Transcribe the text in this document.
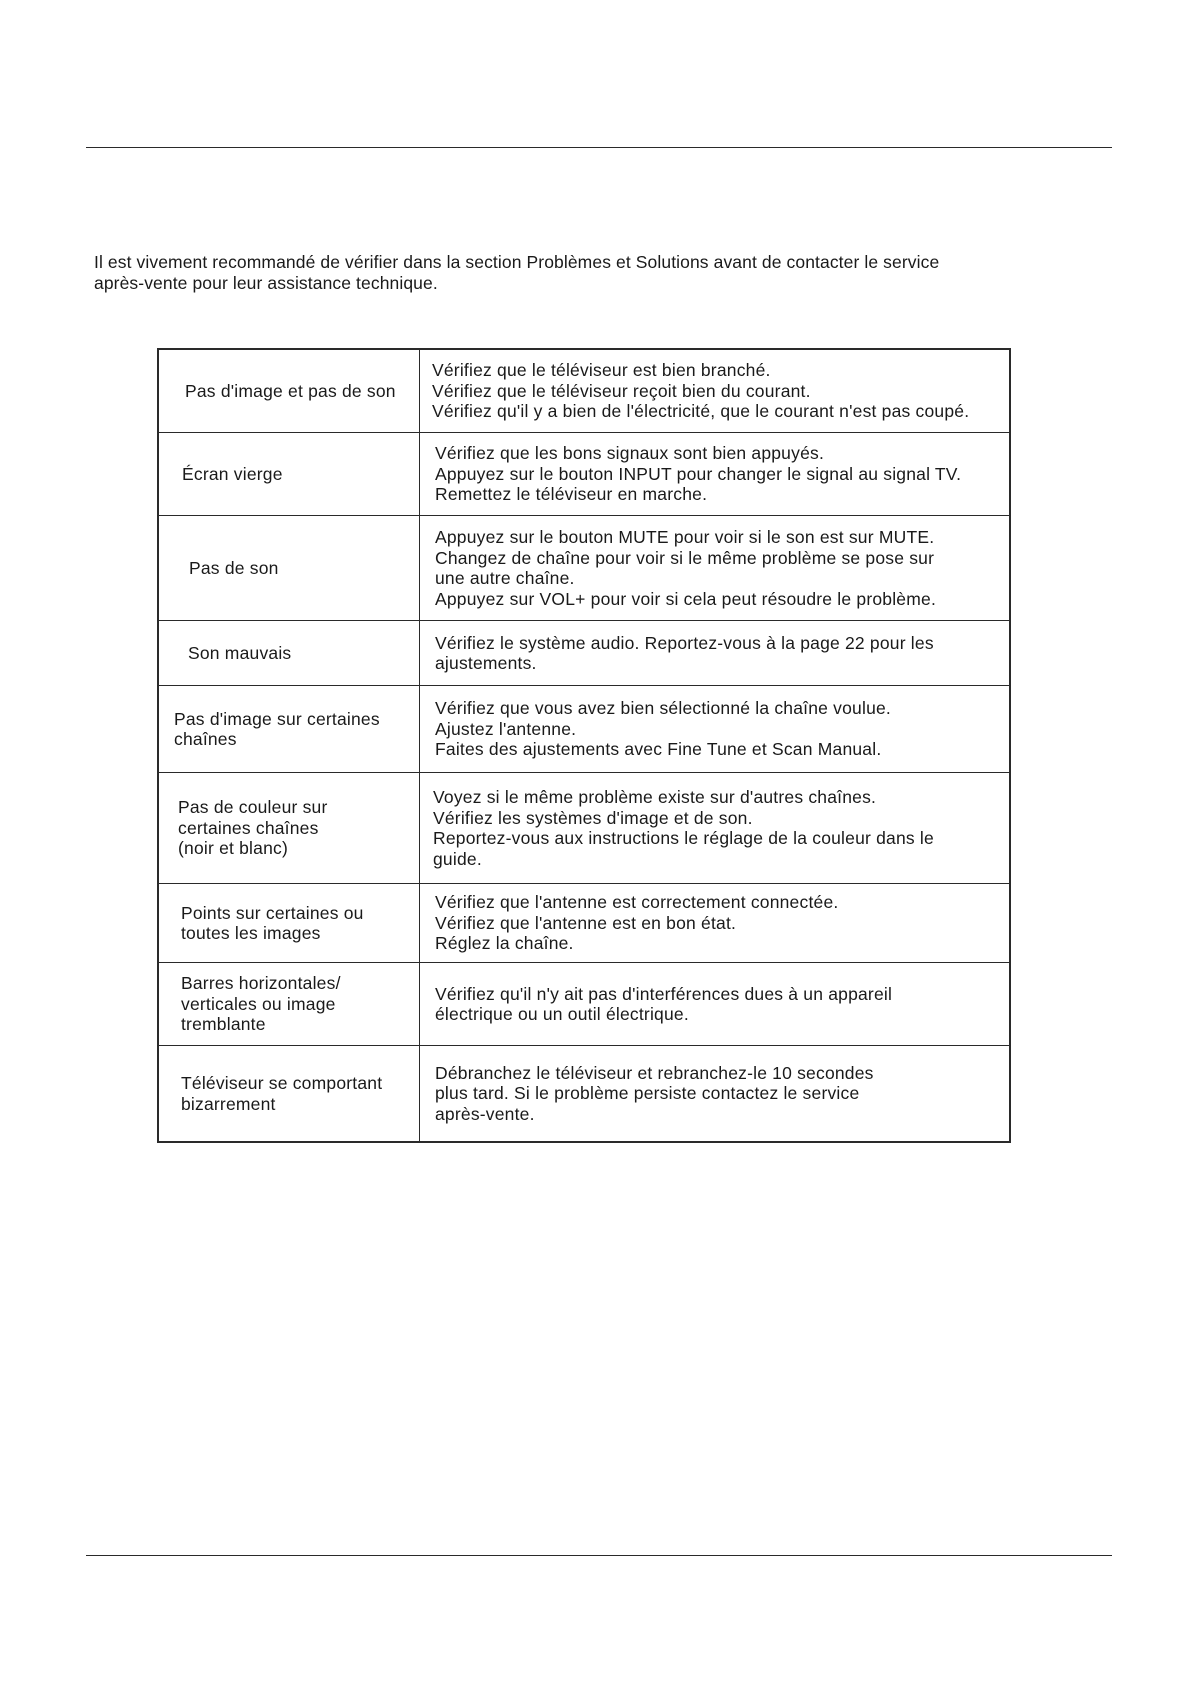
Il est vivement recommandé de vérifier dans la section Problèmes et Solutions avant de contacter le service

après-vente pour leur assistance technique.

Pas d'image et pas de son
Vérifiez que le téléviseur est bien branché.
Vérifiez que le téléviseur reçoit bien du courant.
Vérifiez qu'il y a bien de l'électricité, que le courant n'est pas coupé.
Écran vierge
Vérifiez que les bons signaux sont bien appuyés.
Appuyez sur le bouton INPUT pour changer le signal au signal TV.
Remettez le téléviseur en marche.
Pas de son
Appuyez sur le bouton MUTE pour voir si le son est sur MUTE.
Changez de chaîne pour voir si le même problème se pose sur
une autre chaîne.
Appuyez sur VOL+ pour voir si cela peut résoudre le problème.
Son mauvais
Vérifiez le système audio. Reportez-vous à la page 22 pour les
ajustements.
Pas d'image sur certaines
chaînes
Vérifiez que vous avez bien sélectionné la chaîne voulue.
Ajustez l'antenne.
Faites des ajustements avec Fine Tune et Scan Manual.
Pas de couleur sur
certaines chaînes
(noir et blanc)
Voyez si le même problème existe sur d'autres chaînes.
Vérifiez les systèmes d'image et de son.
Reportez-vous aux instructions le réglage de la couleur dans le
guide.
Points sur certaines ou
toutes les images
Vérifiez que l'antenne est correctement connectée.
Vérifiez que l'antenne est en bon état.
Réglez la chaîne.
Barres horizontales/
verticales ou image
tremblante
Vérifiez qu'il n'y ait pas d'interférences dues à un appareil
électrique ou un outil électrique.
Téléviseur se comportant
bizarrement
Débranchez le téléviseur et rebranchez-le 10 secondes
plus tard. Si le problème persiste contactez le service
après-vente.
